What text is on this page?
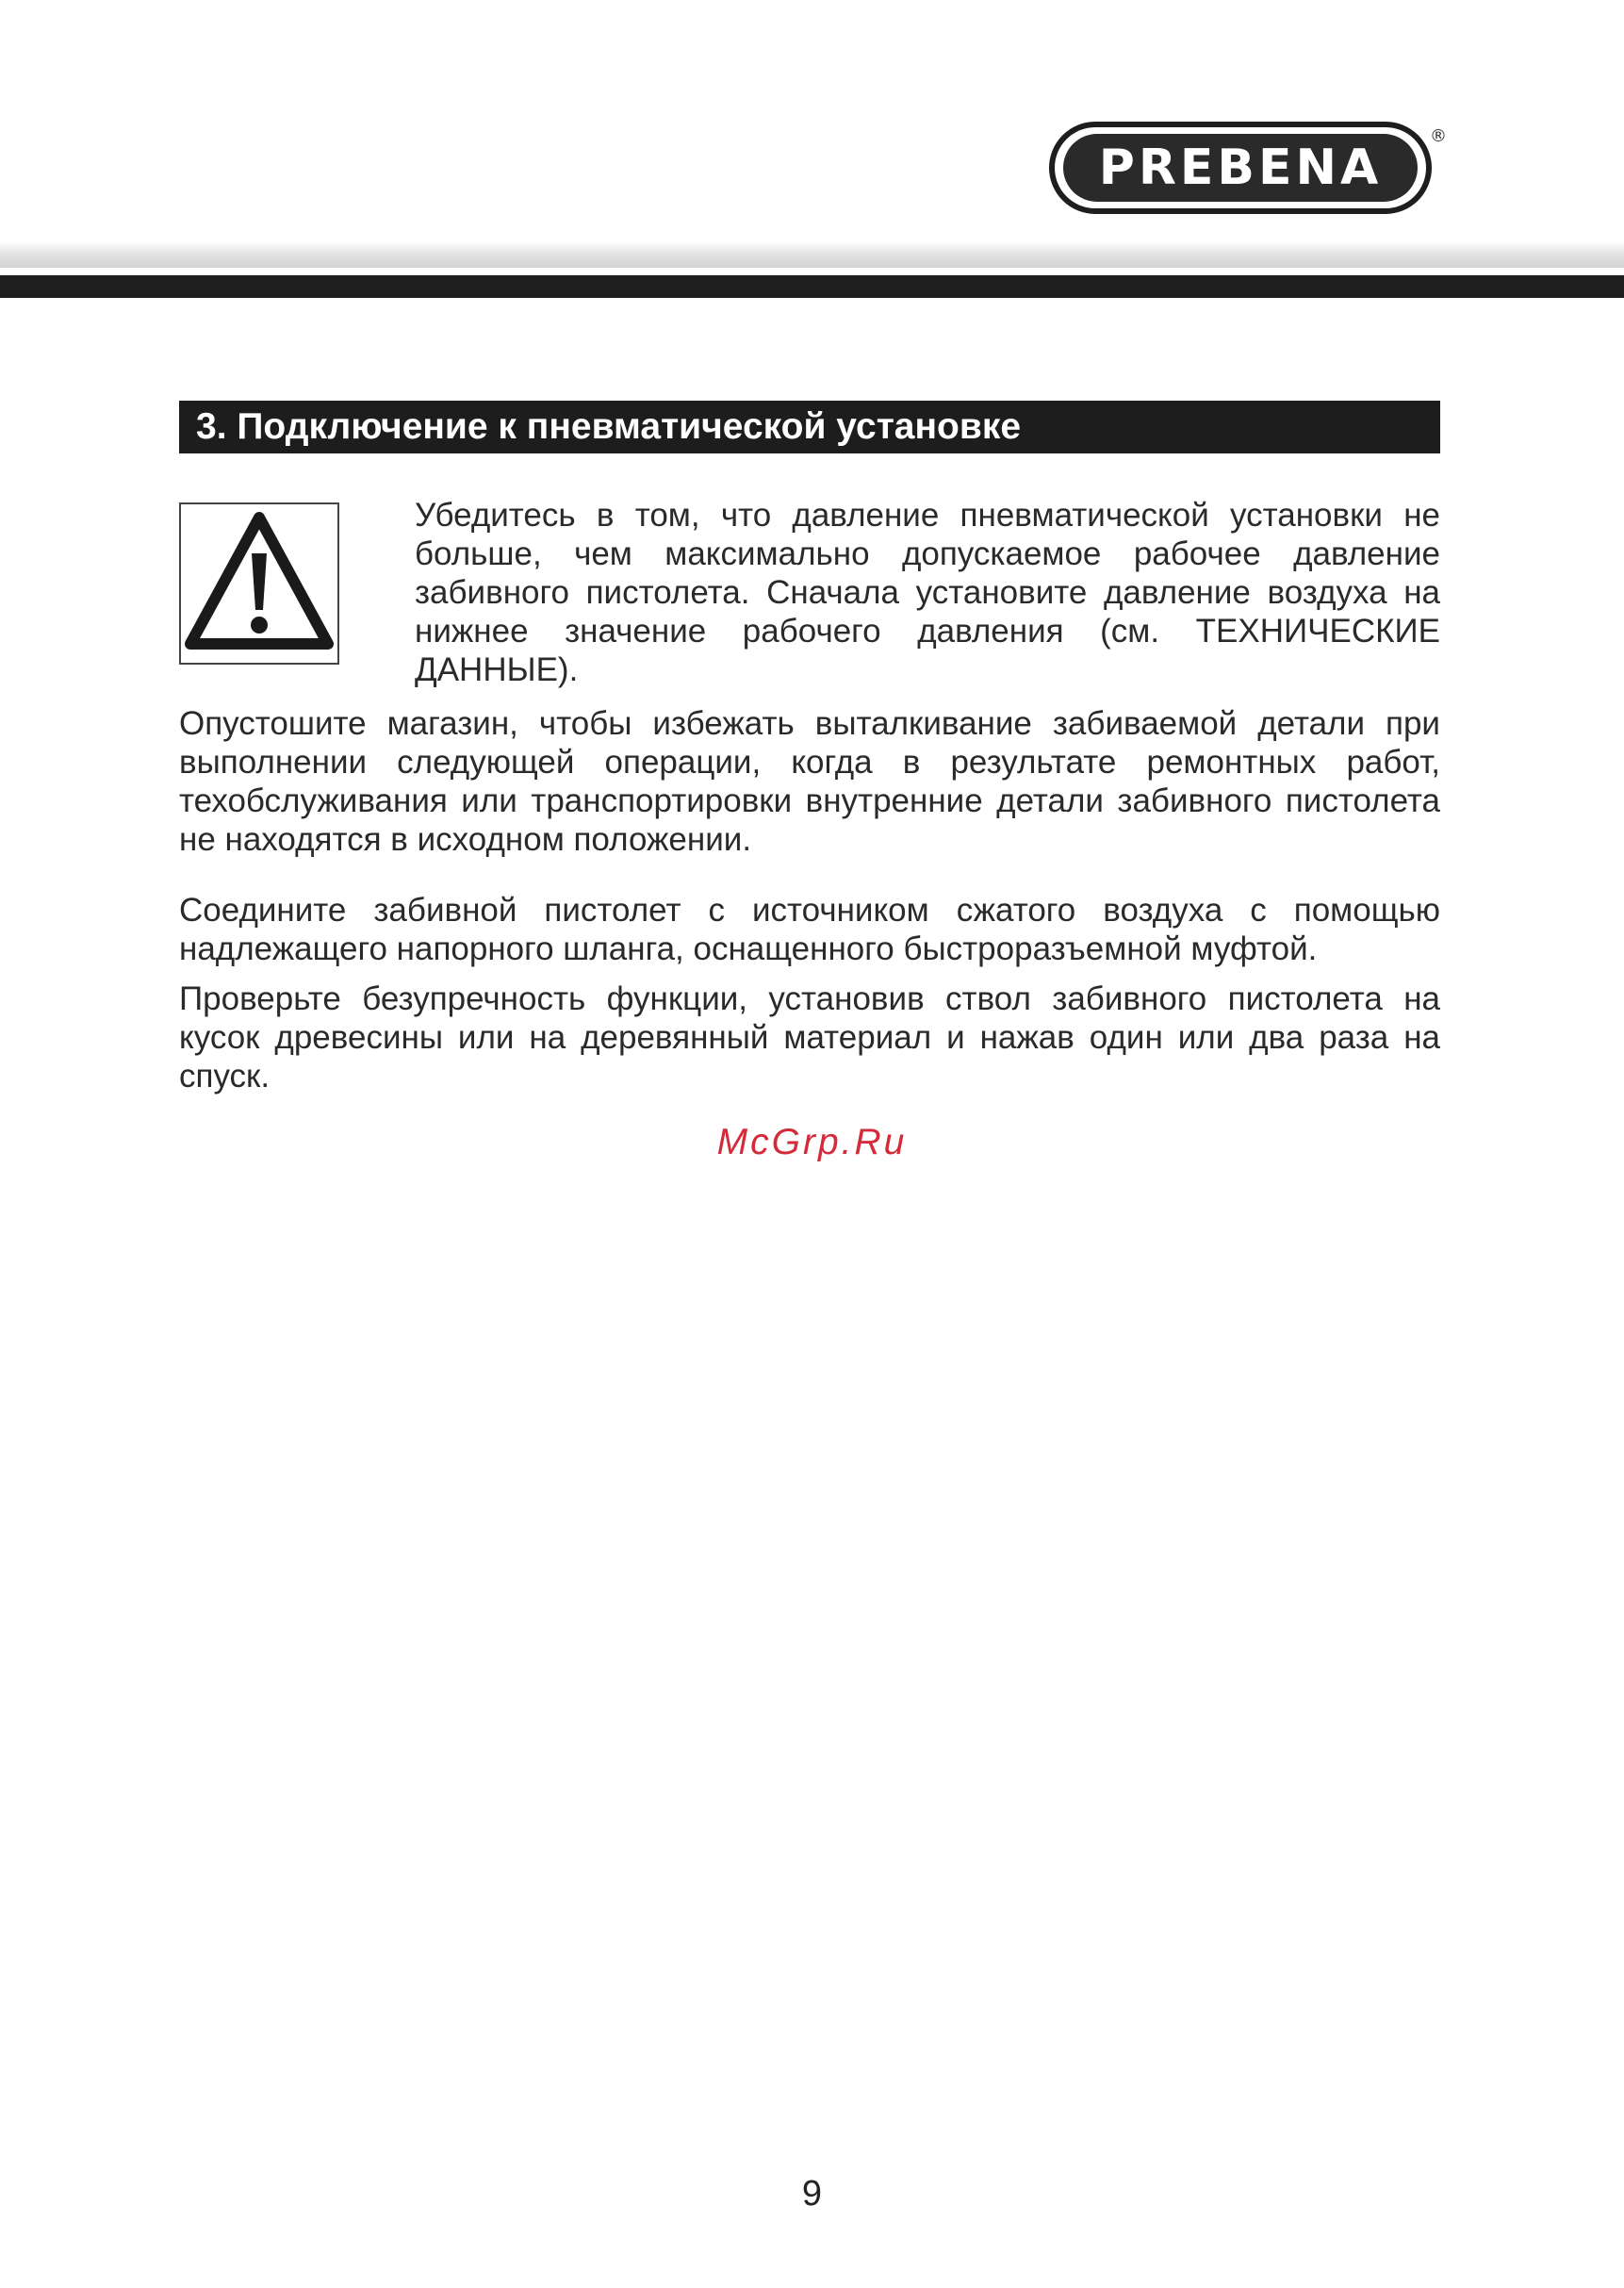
PREBENA
®
3. Подключение к пневматической установке

Убедитесь в том, что давление пневматической установки не больше, чем максимально допускаемое рабочее давление забивного пистолета. Сначала установите давление воздуха на нижнее значение рабочего давления (см. ТЕХНИЧЕСКИЕ ДАННЫЕ).

Опустошите магазин, чтобы избежать выталкивание забиваемой детали при выполнении следующей операции, когда в результате ремонтных работ, техобслуживания или транспортировки внутренние детали забивного пистолета не находятся в исходном положении.

Соедините забивной пистолет с источником сжатого воздуха с помощью надлежащего напорного шланга, оснащенного быстроразъемной муфтой.

Проверьте безупречность функции, установив ствол забивного пистолета на кусок древесины или на деревянный материал и нажав один или два раза на спуск.

McGrp.Ru
9
